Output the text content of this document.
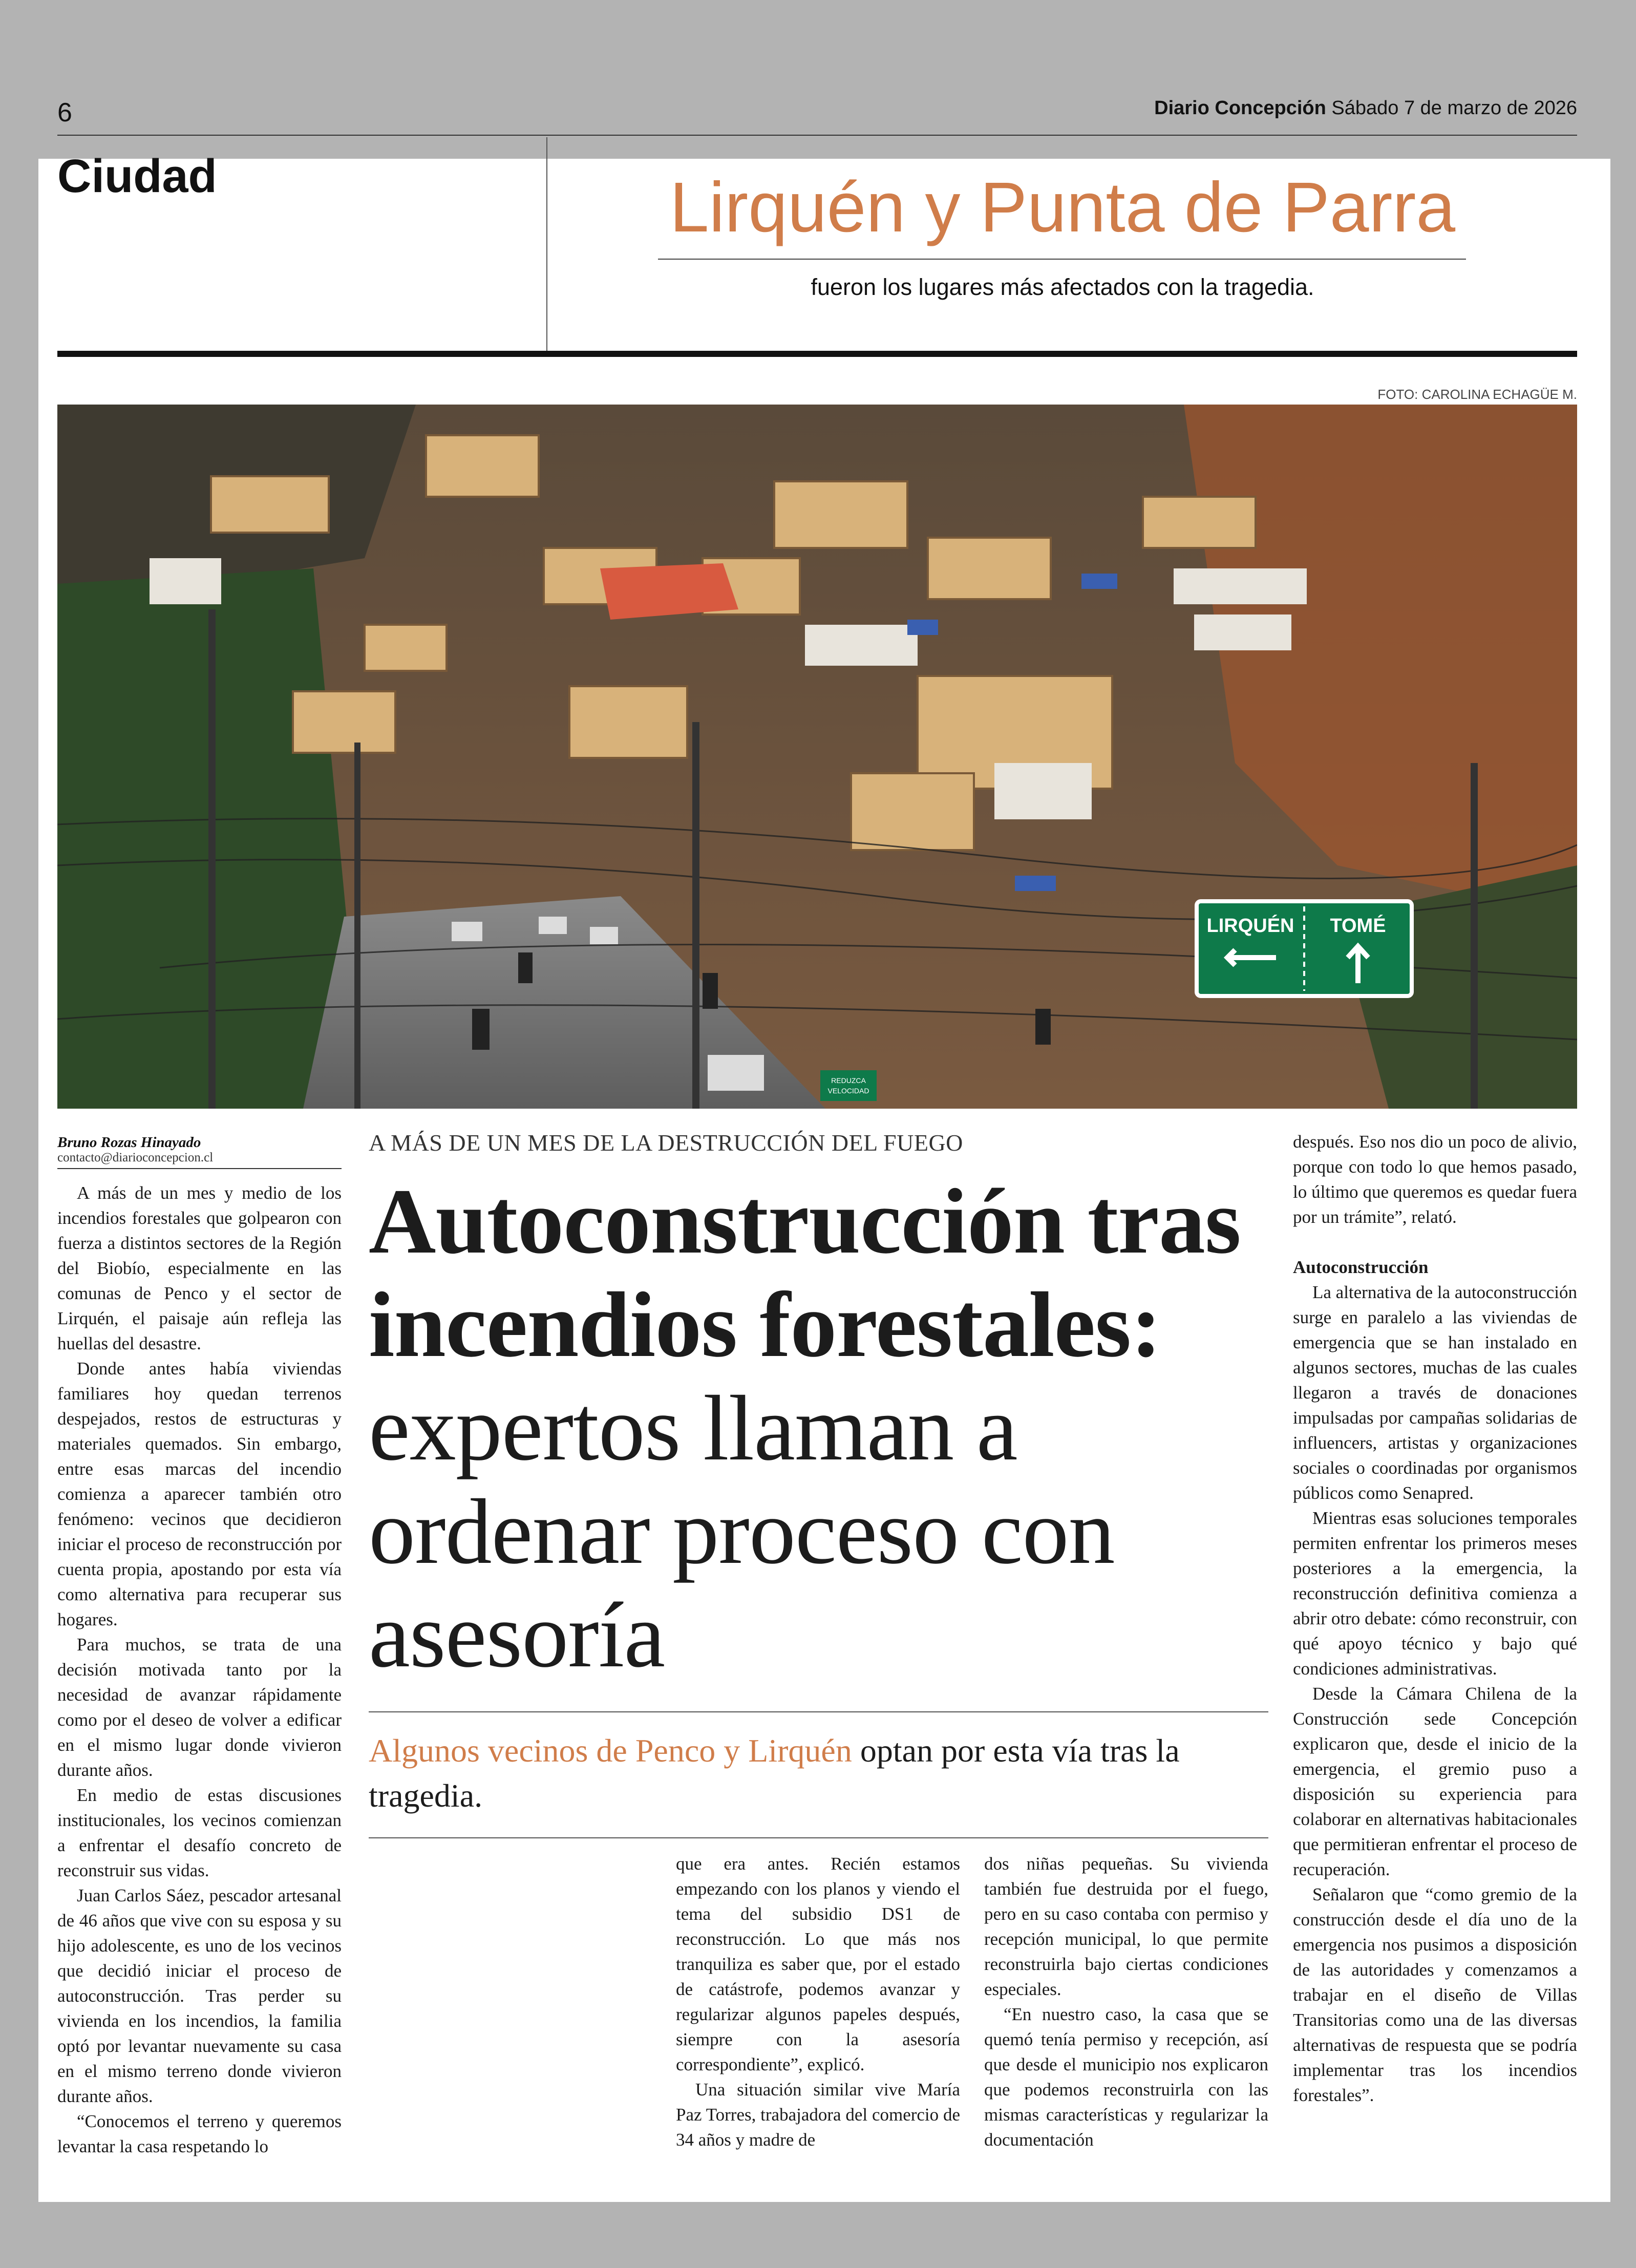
6	Diario Concepción Sábado 7 de marzo de 2026
Ciudad	Lirquén y Punta de Parra
fueron los lugares más afectados con la tragedia.
FOTO: CAROLINA ECHAGÜE M.
LIRQUÉN TOMÉ
REDUZCA
VELOCIDAD
Bruno Rozas Hinayado
contacto@diarioconcepcion.cl

A más de un mes y medio de los incendios forestales que golpearon con fuerza a distintos sectores de la Región del Biobío, especialmente en las comunas de Penco y el sector de Lirquén, el paisaje aún refleja las huellas del desastre.

Donde antes había viviendas familiares hoy quedan terrenos despejados, restos de estructuras y materiales quemados. Sin embargo, entre esas marcas del incendio comienza a aparecer también otro fenómeno: vecinos que decidieron iniciar el proceso de reconstrucción por cuenta propia, apostando por esta vía como alternativa para recuperar sus hogares.

Para muchos, se trata de una decisión motivada tanto por la necesidad de avanzar rápidamente como por el deseo de volver a edificar en el mismo lugar donde vivieron durante años.

En medio de estas discusiones institucionales, los vecinos comienzan a enfrentar el desafío concreto de reconstruir sus vidas.

Juan Carlos Sáez, pescador artesanal de 46 años que vive con su esposa y su hijo adolescente, es uno de los vecinos que decidió iniciar el proceso de autoconstrucción. Tras perder su vivienda en los incendios, la familia optó por levantar nuevamente su casa en el mismo terreno donde vivieron durante años.

“Conocemos el terreno y queremos levantar la casa respetando lo

A MÁS DE UN MES DE LA DESTRUCCIÓN DEL FUEGO
Autoconstrucción tras incendios forestales: expertos llaman a ordenar proceso con asesoría
Algunos vecinos de Penco y Lirquén optan por esta vía tras la tragedia.

que era antes. Recién estamos empezando con los planos y viendo el tema del subsidio DS1 de reconstrucción. Lo que más nos tranquiliza es saber que, por el estado de catástrofe, podemos avanzar y regularizar algunos papeles después, siempre con la asesoría correspondiente”, explicó.

Una situación similar vive María Paz Torres, trabajadora del comercio de 34 años y madre de

dos niñas pequeñas. Su vivienda también fue destruida por el fuego, pero en su caso contaba con permiso y recepción municipal, lo que permite reconstruirla bajo ciertas condiciones especiales.

“En nuestro caso, la casa que se quemó tenía permiso y recepción, así que desde el municipio nos explicaron que podemos reconstruirla con las mismas características y regularizar la documentación

después. Eso nos dio un poco de alivio, porque con todo lo que hemos pasado, lo último que queremos es quedar fuera por un trámite”, relató.

Autoconstrucción

La alternativa de la autoconstrucción surge en paralelo a las viviendas de emergencia que se han instalado en algunos sectores, muchas de las cuales llegaron a través de donaciones impulsadas por campañas solidarias de influencers, artistas y organizaciones sociales o coordinadas por organismos públicos como Senapred.

Mientras esas soluciones temporales permiten enfrentar los primeros meses posteriores a la emergencia, la reconstrucción definitiva comienza a abrir otro debate: cómo reconstruir, con qué apoyo técnico y bajo qué condiciones administrativas.

Desde la Cámara Chilena de la Construcción sede Concepción explicaron que, desde el inicio de la emergencia, el gremio puso a disposición su experiencia para colaborar en alternativas habitacionales que permitieran enfrentar el proceso de recuperación.

Señalaron que “como gremio de la construcción desde el día uno de la emergencia nos pusimos a disposición de las autoridades y comenzamos a trabajar en el diseño de Villas Transitorias como una de las diversas alternativas de respuesta que se podría implementar tras los incendios forestales”.
